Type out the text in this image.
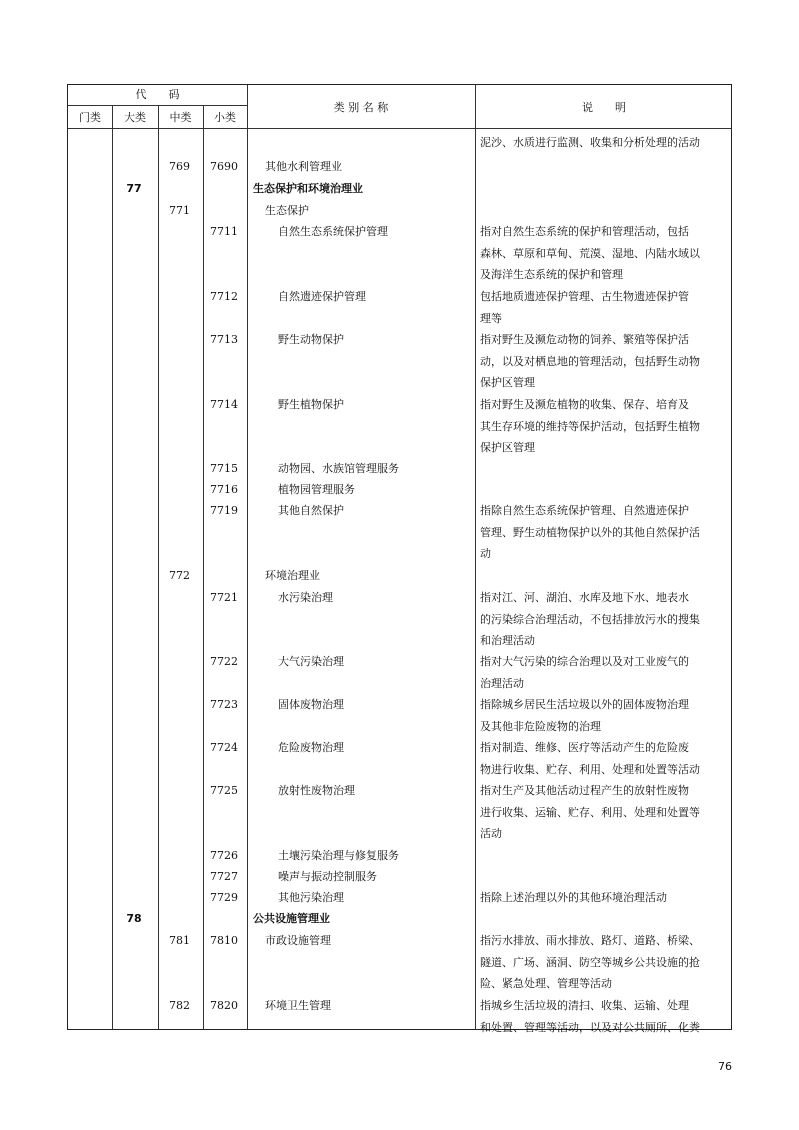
代　　码
门类	大类	中类	小类
类 别 名 称	说　　明
泥沙、水质进行监测、收集和分析处理的活动
769	7690	其他水利管理业
77	生态保护和环境治理业
771	生态保护
7711	自然生态系统保护管理	指对自然生态系统的保护和管理活动，包括
森林、草原和草甸、荒漠、湿地、内陆水域以
及海洋生态系统的保护和管理
7712	自然遗迹保护管理	包括地质遗迹保护管理、古生物遗迹保护管
理等
7713	野生动物保护	指对野生及濒危动物的饲养、繁殖等保护活
动，以及对栖息地的管理活动，包括野生动物
保护区管理
7714	野生植物保护	指对野生及濒危植物的收集、保存、培育及
其生存环境的维持等保护活动，包括野生植物
保护区管理
7715	动物园、水族馆管理服务
7716	植物园管理服务
7719	其他自然保护	指除自然生态系统保护管理、自然遗迹保护
管理、野生动植物保护以外的其他自然保护活
动
772	环境治理业
7721	水污染治理	指对江、河、湖泊、水库及地下水、地表水
的污染综合治理活动，不包括排放污水的搜集
和治理活动
7722	大气污染治理	指对大气污染的综合治理以及对工业废气的
治理活动
7723	固体废物治理	指除城乡居民生活垃圾以外的固体废物治理
及其他非危险废物的治理
7724	危险废物治理	指对制造、维修、医疗等活动产生的危险废
物进行收集、贮存、利用、处理和处置等活动
7725	放射性废物治理	指对生产及其他活动过程产生的放射性废物
进行收集、运输、贮存、利用、处理和处置等
活动
7726	土壤污染治理与修复服务
7727	噪声与振动控制服务
7729	其他污染治理	指除上述治理以外的其他环境治理活动
78	公共设施管理业
781	7810	市政设施管理	指污水排放、雨水排放、路灯、道路、桥梁、
隧道、广场、涵洞、防空等城乡公共设施的抢
险、紧急处理、管理等活动
782	7820	环境卫生管理	指城乡生活垃圾的清扫、收集、运输、处理
和处置、管理等活动，以及对公共厕所、化粪
76
